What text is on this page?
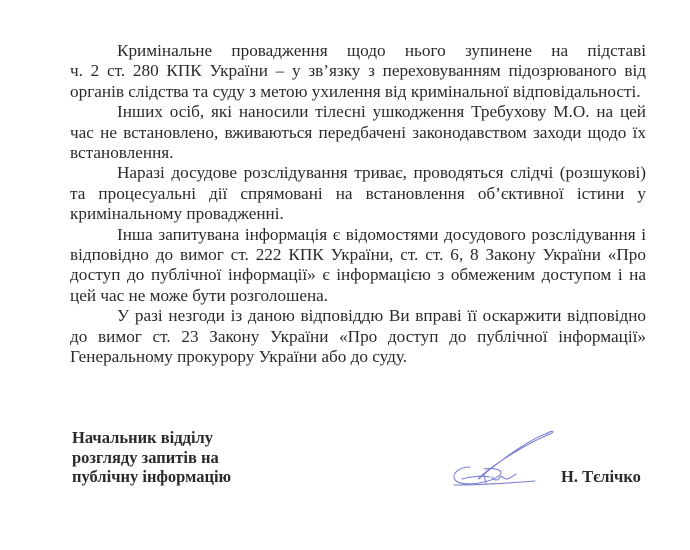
Кримінальне провадження щодо нього зупинене на підставі
ч. 2 ст. 280 КПК України – у зв’язку з переховуванням підозрюваного від
органів слідства та суду з метою ухилення від кримінальної відповідальності.

Інших осіб, які наносили тілесні ушкодження Требухову М.О. на цей
час не встановлено, вживаються передбачені законодавством заходи щодо їх
встановлення.

Наразі досудове розслідування триває, проводяться слідчі (розшукові)
та процесуальні дії спрямовані на встановлення об’єктивної істини у
кримінальному провадженні.

Інша запитувана інформація є відомостями досудового розслідування і
відповідно до вимог ст. 222 КПК України, ст. ст. 6, 8 Закону України «Про
доступ до публічної інформації» є інформацією з обмеженим доступом і на
цей час не може бути розголошена.

У разі незгоди із даною відповіддю Ви вправі її оскаржити відповідно
до вимог ст. 23 Закону України «Про доступ до публічної інформації»
Генеральному прокурору України або до суду.

Начальник відділу
розгляду запитів на
публічну інформацію	Н. Тєлічко
